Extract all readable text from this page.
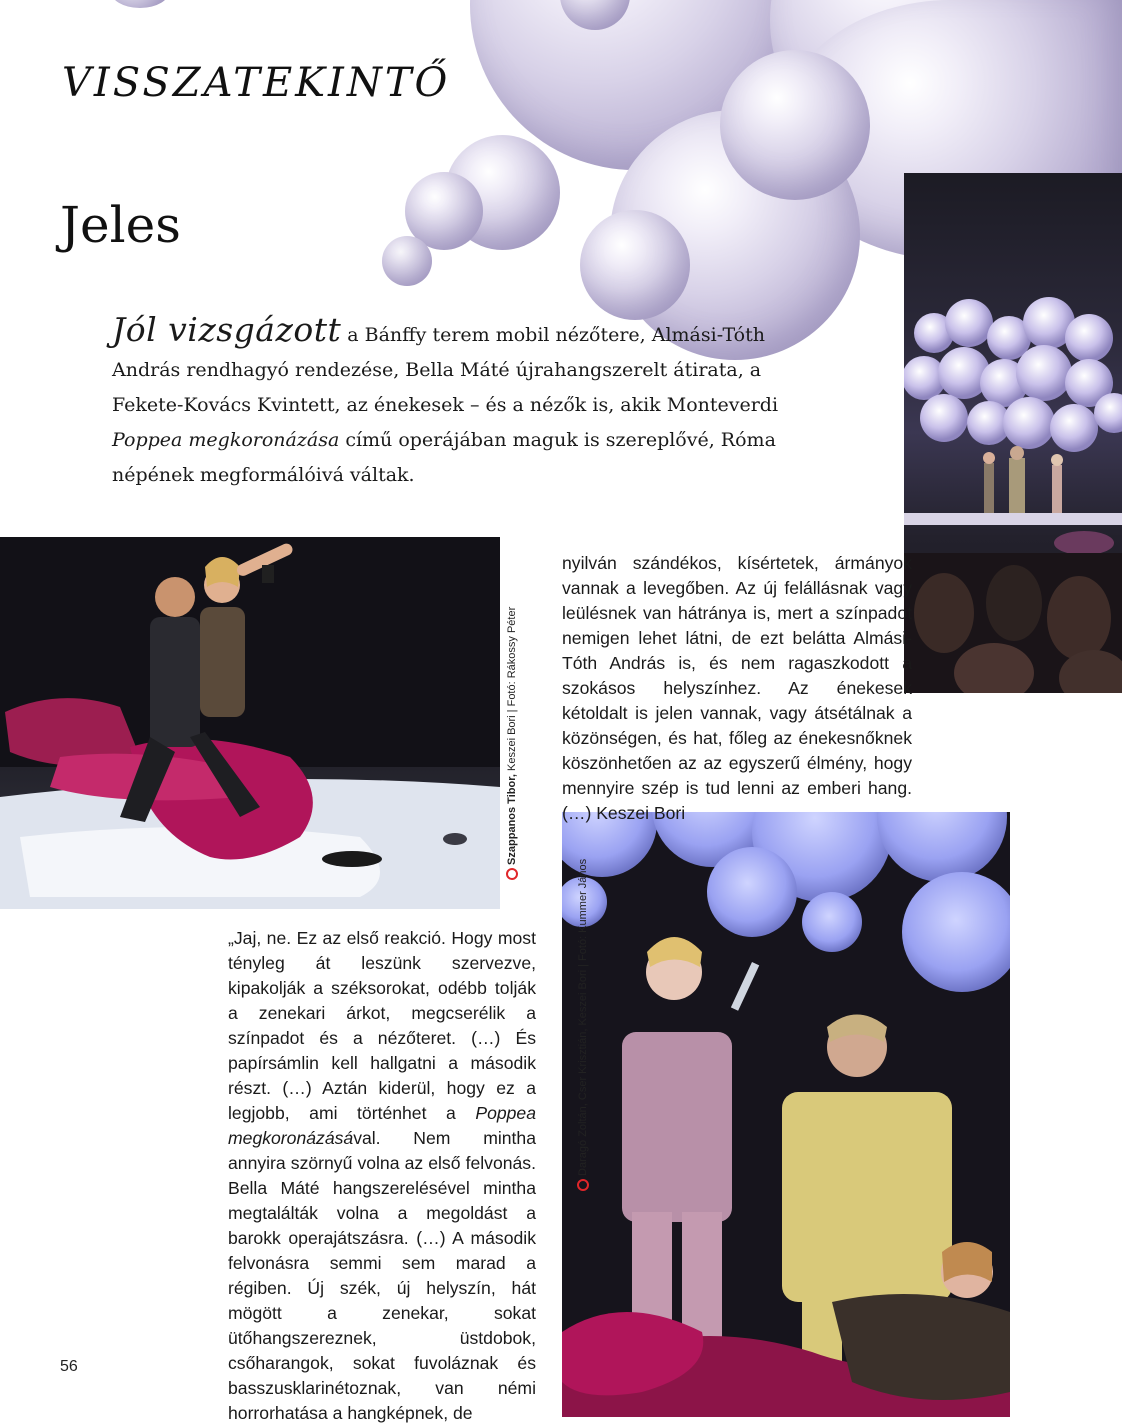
VISSZATEKINTŐ
Jeles
Jól vizsgázott a Bánffy terem mobil nézőtere, Almási-Tóth András rendhagyó rendezése, Bella Máté újrahangszerelt átirata, a Fekete-Kovács Kvintett, az énekesek – és a nézők is, akik Monteverdi Poppea megkoronázása című operájában maguk is szereplővé, Róma népének megformálóivá váltak.
Szappanos Tibor, Keszei Bori | Fotó: Rákossy Péter
Daragó Zoltán, Cser Krisztián, Keszei Bori | Fotó: Kummer János
nyilván szándékos, kísértetek, ármányok vannak a levegőben. Az új felállásnak vagy leülésnek van hátránya is, mert a színpadot nemigen lehet látni, de ezt belátta Almási-Tóth András is, és nem ragaszkodott a szokásos helyszínhez. Az énekesek kétoldalt is jelen vannak, vagy átsétálnak a közönségen, és hat, főleg az énekesnőknek köszönhetően az az egyszerű élmény, hogy mennyire szép is tud lenni az emberi hang. (…) Keszei Bori
„Jaj, ne. Ez az első reakció. Hogy most tényleg át leszünk szervezve, kipakolják a széksorokat, odébb tolják a zenekari árkot, megcserélik a színpadot és a nézőteret. (…) És papírsámlin kell hallgatni a második részt. (…) Aztán kiderül, hogy ez a legjobb, ami történhet a Poppea megkoronázásával. Nem mintha annyira szörnyű volna az első felvonás. Bella Máté hangszerelésével mintha megtalálták volna a megoldást a barokk operajátszásra. (…) A második felvonásra semmi sem marad a régiben. Új szék, új helyszín, hát mögött a zenekar, sokat ütőhangszereznek, üstdobok, csőharangok, sokat fuvoláznak és basszusklarinétoznak, van némi horrorhatása a hangképnek, de
56
